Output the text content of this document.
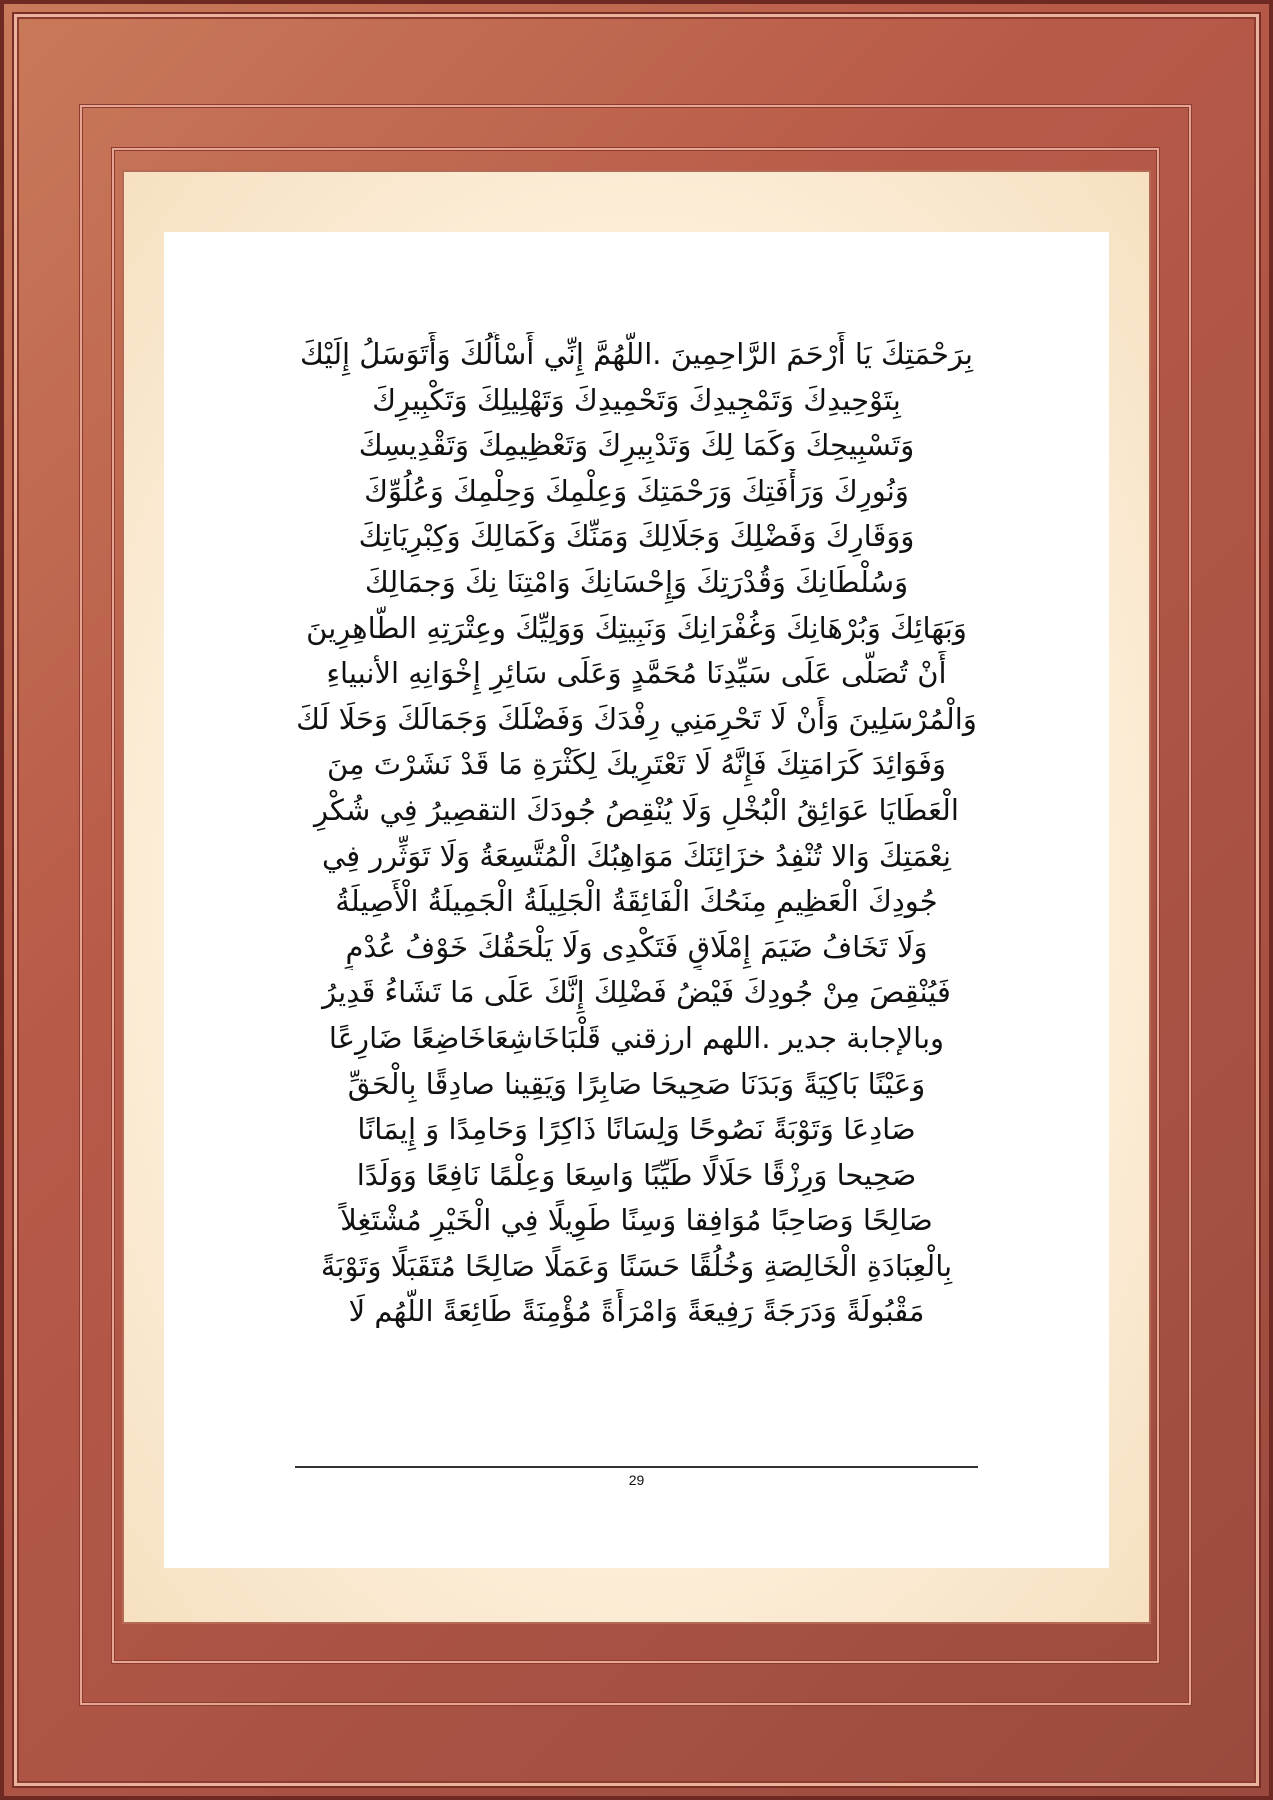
بِرَحْمَتِكَ يَا أَرْحَمَ الرَّاحِمِينَ .اللَّهُمَّ إِنِّي أَسْأَلُكَ وَأَتَوَسَلُ إِلَيْكَ
بِتَوْحِيدِكَ وَتَمْجِيدِكَ وَتَحْمِيدِكَ وَتَهْلِيلِكَ وَتَكْبِيرِكَ
وَتَسْبِيحِكَ وَكَمَا لِكَ وَتَدْبِيرِكَ وَتَعْظِيمِكَ وَتَقْدِيسِكَ
وَنُورِكَ وَرَأْفَتِكَ وَرَحْمَتِكَ وَعِلْمِكَ وَحِلْمِكَ وَعُلُوِّكَ
وَوَقَارِكَ وَفَضْلِكَ وَجَلَالِكَ وَمَنِّكَ وَكَمَالِكَ وَكِبْرِيَاتِكَ
وَسُلْطَانِكَ وَقُدْرَتِكَ وَإِحْسَانِكَ وَامْتِنَا نِكَ وَجمَالِكَ
وَبَهَائِكَ وَبُرْهَانِكَ وَغُفْرَانِكَ وَنَبِيتِكَ وَوَلِيِّكَ وعِتْرَتِهِ الطّاهِرِينَ
أَنْ تُصَلَّى عَلَى سَيِّدِنَا مُحَمَّدٍ وَعَلَى سَائِرِ إِخْوَانِهِ الأنبياءِ
وَالْمُرْسَلِينَ وَأَنْ لَا تَحْرِمَنِي رِفْدَكَ وَفَضْلَكَ وَجَمَالَكَ وَحَلَا لَكَ
وَفَوَائِدَ كَرَامَتِكَ فَإِنَّهُ لَا تَعْتَرِيكَ لِكَثْرَةِ مَا قَدْ نَشَرْتَ مِنَ
الْعَطَايَا عَوَائِقُ الْبُخْلِ وَلَا يُنْقِصُ جُودَكَ التقصِيرُ فِي شُكْرِ
نِعْمَتِكَ وَالا تُنْفِدُ خزَائِنَكَ مَوَاهِبُكَ الْمُتَّسِعَةُ وَلَا تَوَثِّرر فِي
جُودِكَ الْعَظِيمِ مِنَحُكَ الْفَائِقَةُ الْجَلِيلَةُ الْجَمِيلَةُ الْأَصِيلَةُ
وَلَا تَخَافُ ضَيَمَ إِمْلَاقٍ فَتَكْدِى وَلَا يَلْحَقُكَ خَوْفُ عُدْمٍ
فَيُنْقِصَ مِنْ جُودِكَ فَيْضُ فَضْلِكَ إِنَّكَ عَلَى مَا تَشَاءُ قَدِيرُ
وبالإجابة جدير .اللهم ارزقني قَلْبَاخَاشِعَاخَاضِعًا ضَارِعًا
وَعَيْنًا بَاكِيَةً وَبَدَنَا صَحِيحَا صَابِرًا وَيَقِينا صادِقًا بِالْحَقِّ
صَادِعَا وَتَوْبَةً نَصُوحًا وَلِسَانًا ذَاكِرًا وَحَامِدًا وَ إِيمَانًا
صَحِيحا وَرِزْقًا حَلَالًا طَيِّبًا وَاسِعَا وَعِلْمًا نَافِعًا وَوَلَدًا
صَالِحًا وَصَاحِبًا مُوَافِقا وَسِنًا طَوِيلًا فِي الْخَيْرِ مُشْتَغِلاً
بِالْعِبَادَةِ الْخَالِصَةِ وَخُلُقًا حَسَنًا وَعَمَلًا صَالِحًا مُتَقَبَلًا وَتَوْبَةً
مَقْبُولَةً وَدَرَجَةً رَفِيعَةً وَامْرَأَةً مُؤْمِنَةً طَائِعَةً اللَّهُم لَا
29
